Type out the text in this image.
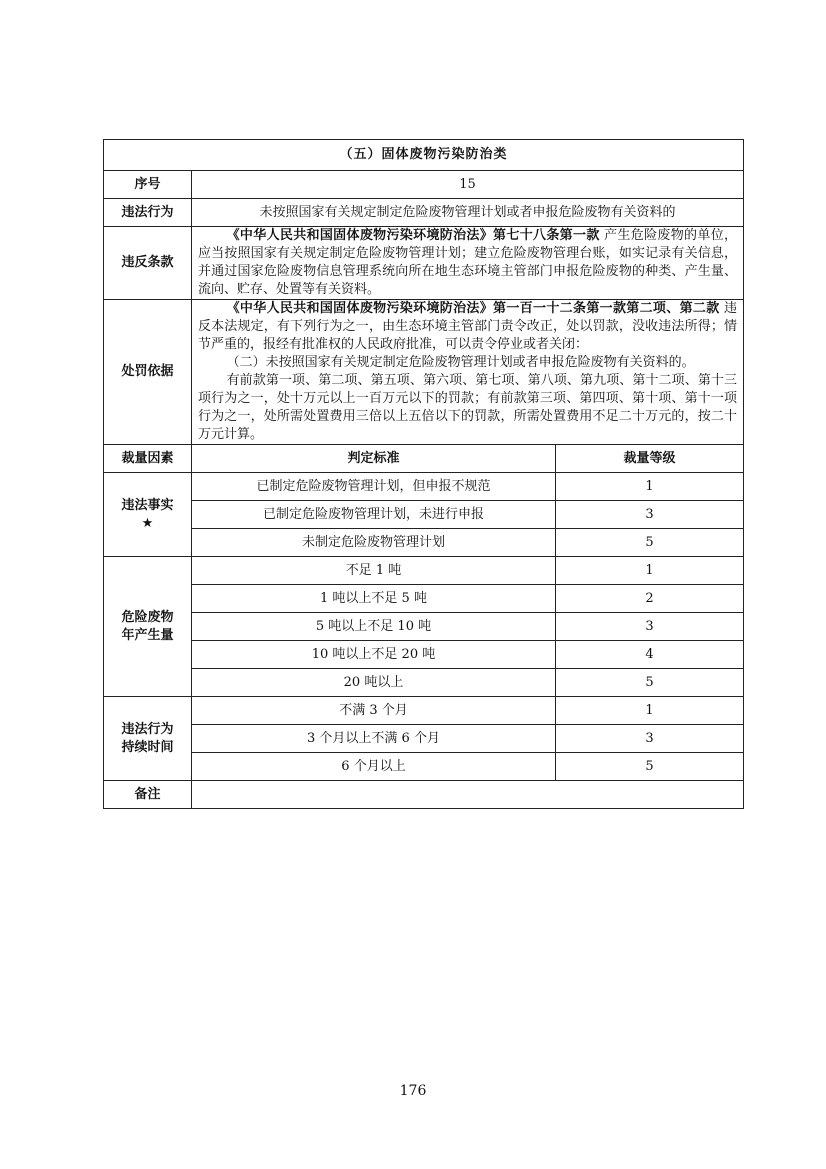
（五）固体废物污染防治类		
序号	15	
违法行为	未按照国家有关规定制定危险废物管理计划或者申报危险废物有关资料的	
违反条款	《中华人民共和国固体废物污染环境防治法》第七十八条第一款 产生危险废物的单位，应当按照国家有关规定制定危险废物管理计划；建立危险废物管理台账，如实记录有关信息，并通过国家危险废物信息管理系统向所在地生态环境主管部门申报危险废物的种类、产生量、流向、贮存、处置等有关资料。	

处罚依据	《中华人民共和国固体废物污染环境防治法》第一百一十二条第一款第二项、第二款 违反本法规定，有下列行为之一，由生态环境主管部门责令改正，处以罚款，没收违法所得；情节严重的，报经有批准权的人民政府批准，可以责令停业或者关闭：

（二）未按照国家有关规定制定危险废物管理计划或者申报危险废物有关资料的。

有前款第一项、第二项、第五项、第六项、第七项、第八项、第九项、第十二项、第十三项行为之一，处十万元以上一百万元以下的罚款；有前款第三项、第四项、第十项、第十一项行为之一，处所需处置费用三倍以上五倍以下的罚款，所需处置费用不足二十万元的，按二十万元计算。	

裁量因素	判定标准	裁量等级
违法事实★	已制定危险废物管理计划，但申报不规范	1
	已制定危险废物管理计划，未进行申报	3
	未制定危险废物管理计划	5
危险废物年产生量	不足 1 吨	1
	1 吨以上不足 5 吨	2
	5 吨以上不足 10 吨	3
	10 吨以上不足 20 吨	4
	20 吨以上	5
违法行为持续时间	不满 3 个月	1
	3 个月以上不满 6 个月	3
	6 个月以上	5
备注		
176
